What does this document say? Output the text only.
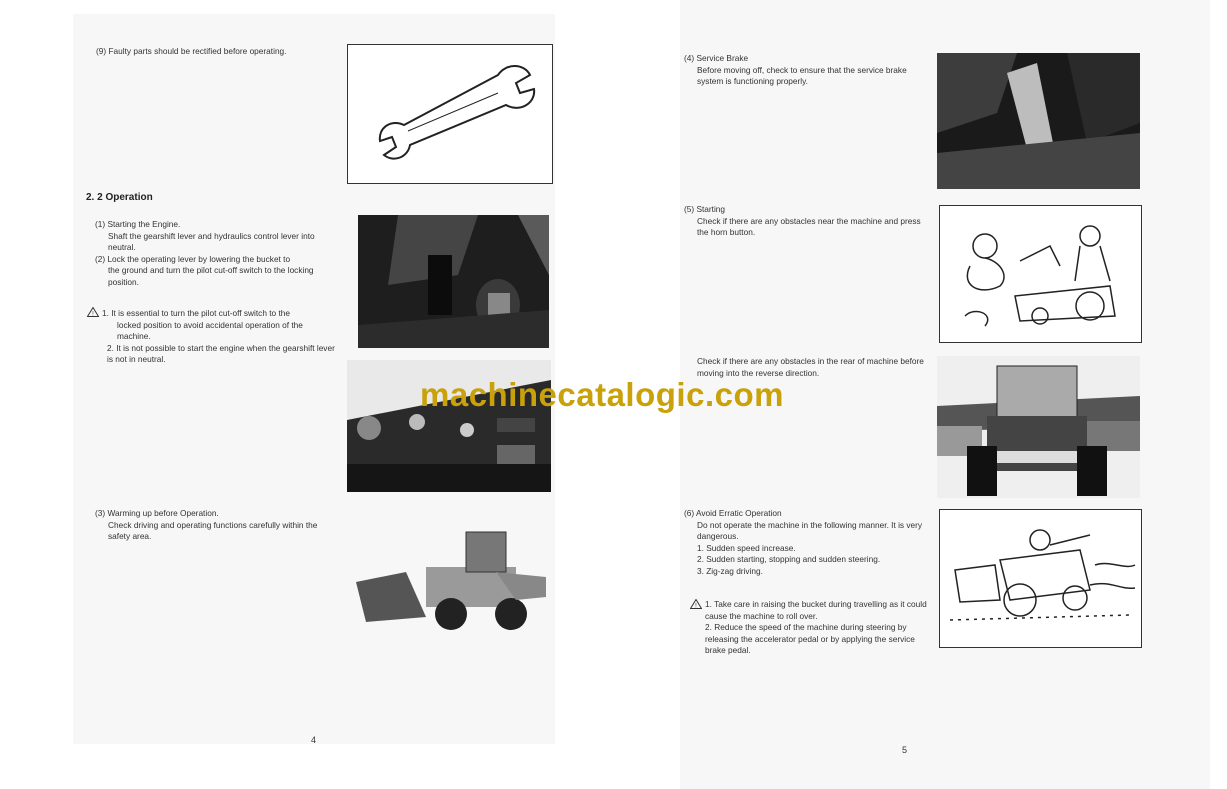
(9) Faulty parts should be rectified before operating.
2. 2 Operation

(1) Starting the Engine.

Shaft the gearshift lever and hydraulics control lever into neutral.

(2) Lock the operating lever by lowering the bucket to

the ground and turn the pilot cut-off switch to the locking position.

! 1. It is essential to turn the pilot cut-off switch to the

locked position to avoid accidental operation of the machine.

2. It is not possible to start the engine when the gearshift lever is not in neutral.

(3) Warming up before Operation.

Check driving and operating functions carefully within the safety area.

4

(4) Service Brake

Before moving off, check to ensure that the service brake system is functioning properly.

(5) Starting

Check if there are any obstacles near the machine and press the horn button.

Check if there are any obstacles in the rear of machine before moving into the reverse direction.

(6) Avoid Erratic Operation

Do not operate the machine in the following manner. It is very dangerous.

1. Sudden speed increase.

2. Sudden starting, stopping and sudden steering.

3. Zig-zag driving.

! 1. Take care in raising the bucket during travelling as it could cause the machine to roll over.

2. Reduce the speed of the machine during steering by releasing the accelerator pedal or by applying the service brake pedal.

5
machinecatalogic.com
